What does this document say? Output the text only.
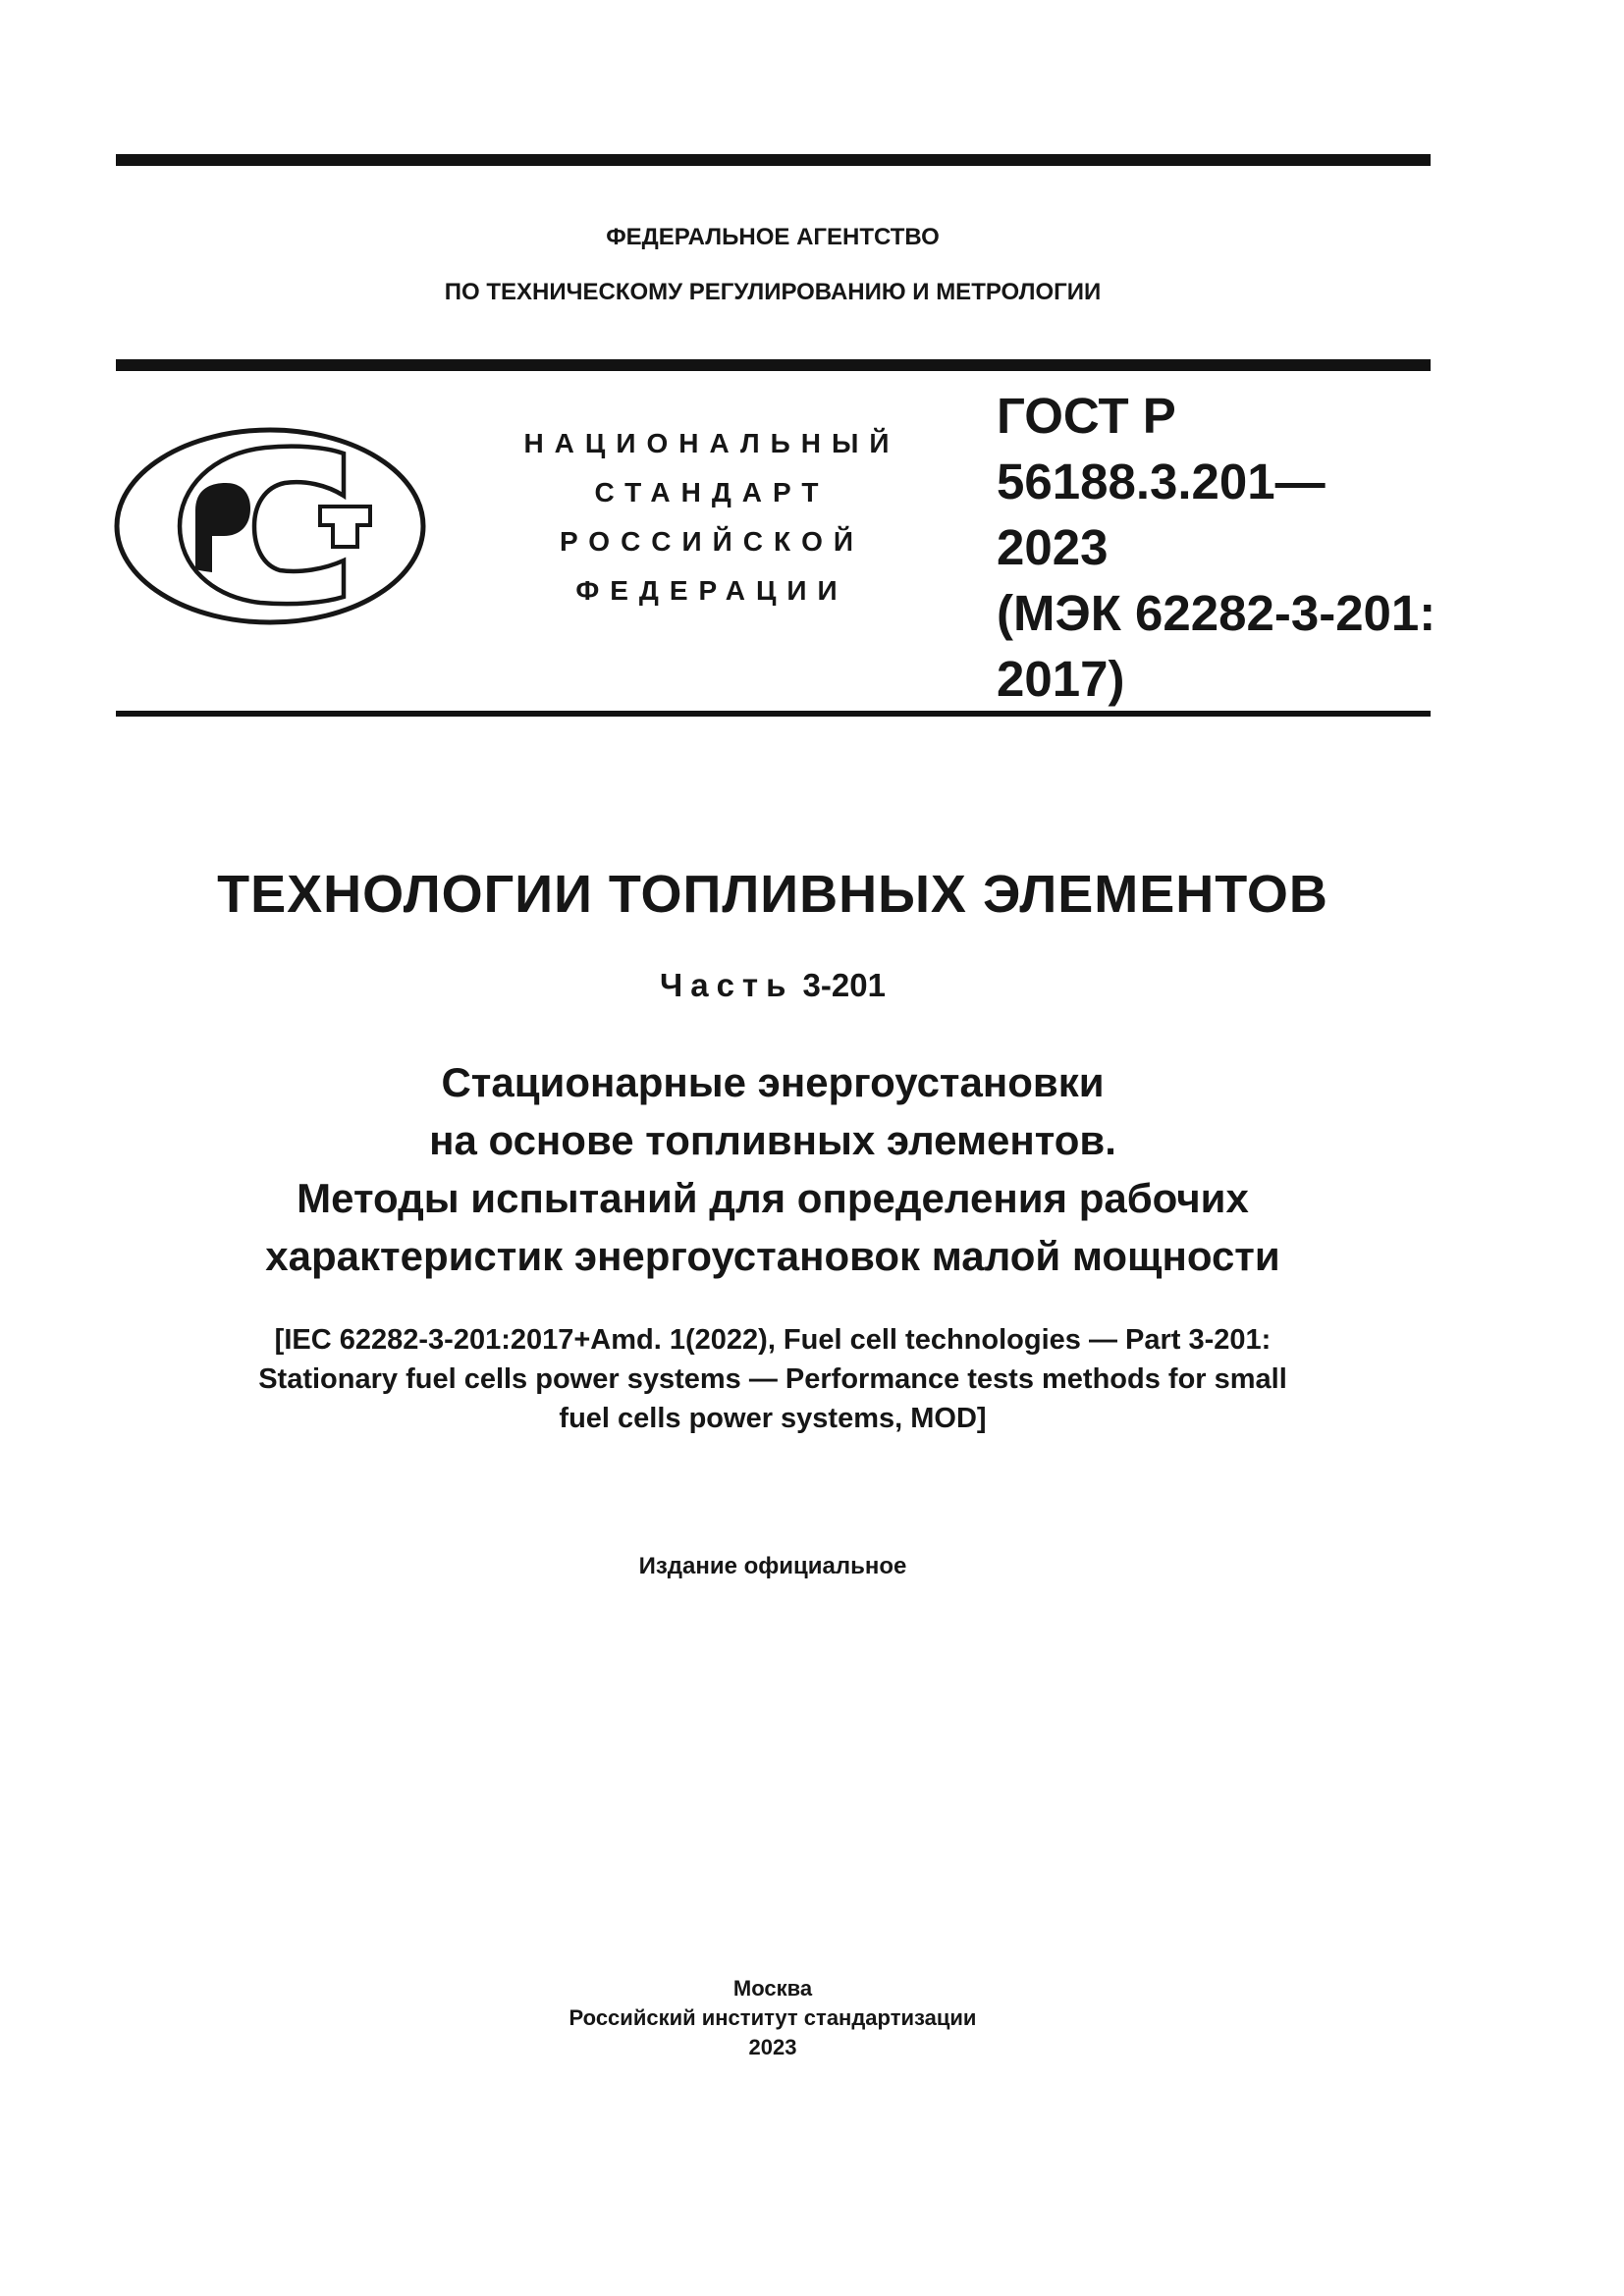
ФЕДЕРАЛЬНОЕ АГЕНТСТВО
ПО ТЕХНИЧЕСКОМУ РЕГУЛИРОВАНИЮ И МЕТРОЛОГИИ
НАЦИОНАЛЬНЫЙ
СТАНДАРТ
РОССИЙСКОЙ
ФЕДЕРАЦИИ
ГОСТ Р
56188.3.201—
2023
(МЭК 62282-3-201:
2017)
ТЕХНОЛОГИИ ТОПЛИВНЫХ ЭЛЕМЕНТОВ
Часть 3-201
Стационарные энергоустановки
на основе топливных элементов.
Методы испытаний для определения рабочих
характеристик энергоустановок малой мощности
[IEC 62282-3-201:2017+Amd. 1(2022), Fuel cell technologies — Part 3-201:
Stationary fuel cells power systems — Performance tests methods for small
fuel cells power systems, MOD]
Издание официальное
Москва
Российский институт стандартизации
2023
